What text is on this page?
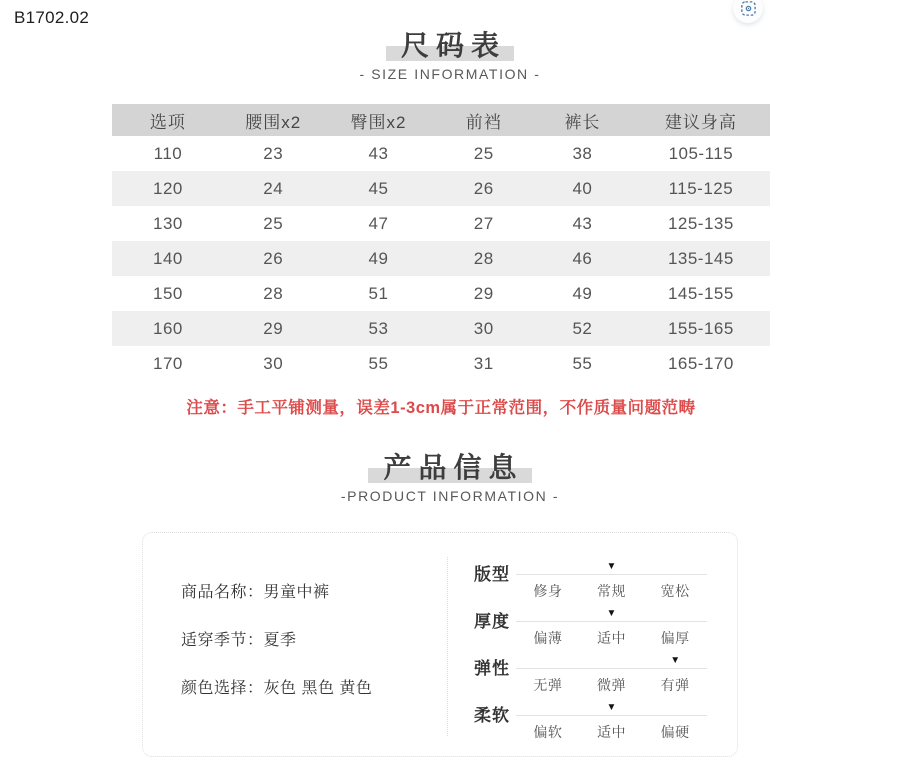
B1702.02
尺码表
- SIZE INFORMATION -
选项	腰围x2	臀围x2	前裆	裤长	建议身高
110	23	43	25	38	105-115
120	24	45	26	40	115-125
130	25	47	27	43	125-135
140	26	49	28	46	135-145
150	28	51	29	49	145-155
160	29	53	30	52	155-165
170	30	55	31	55	165-170
注意：手工平铺测量，误差1-3cm属于正常范围，不作质量问题范畴
产品信息
-PRODUCT INFORMATION -
商品名称：男童中裤
适穿季节：夏季
颜色选择：灰色 黑色 黄色
版型	▼
修身	常规	宽松
厚度	▼
偏薄	适中	偏厚
弹性	▼
无弹	微弹	有弹
柔软	▼
偏软	适中	偏硬
